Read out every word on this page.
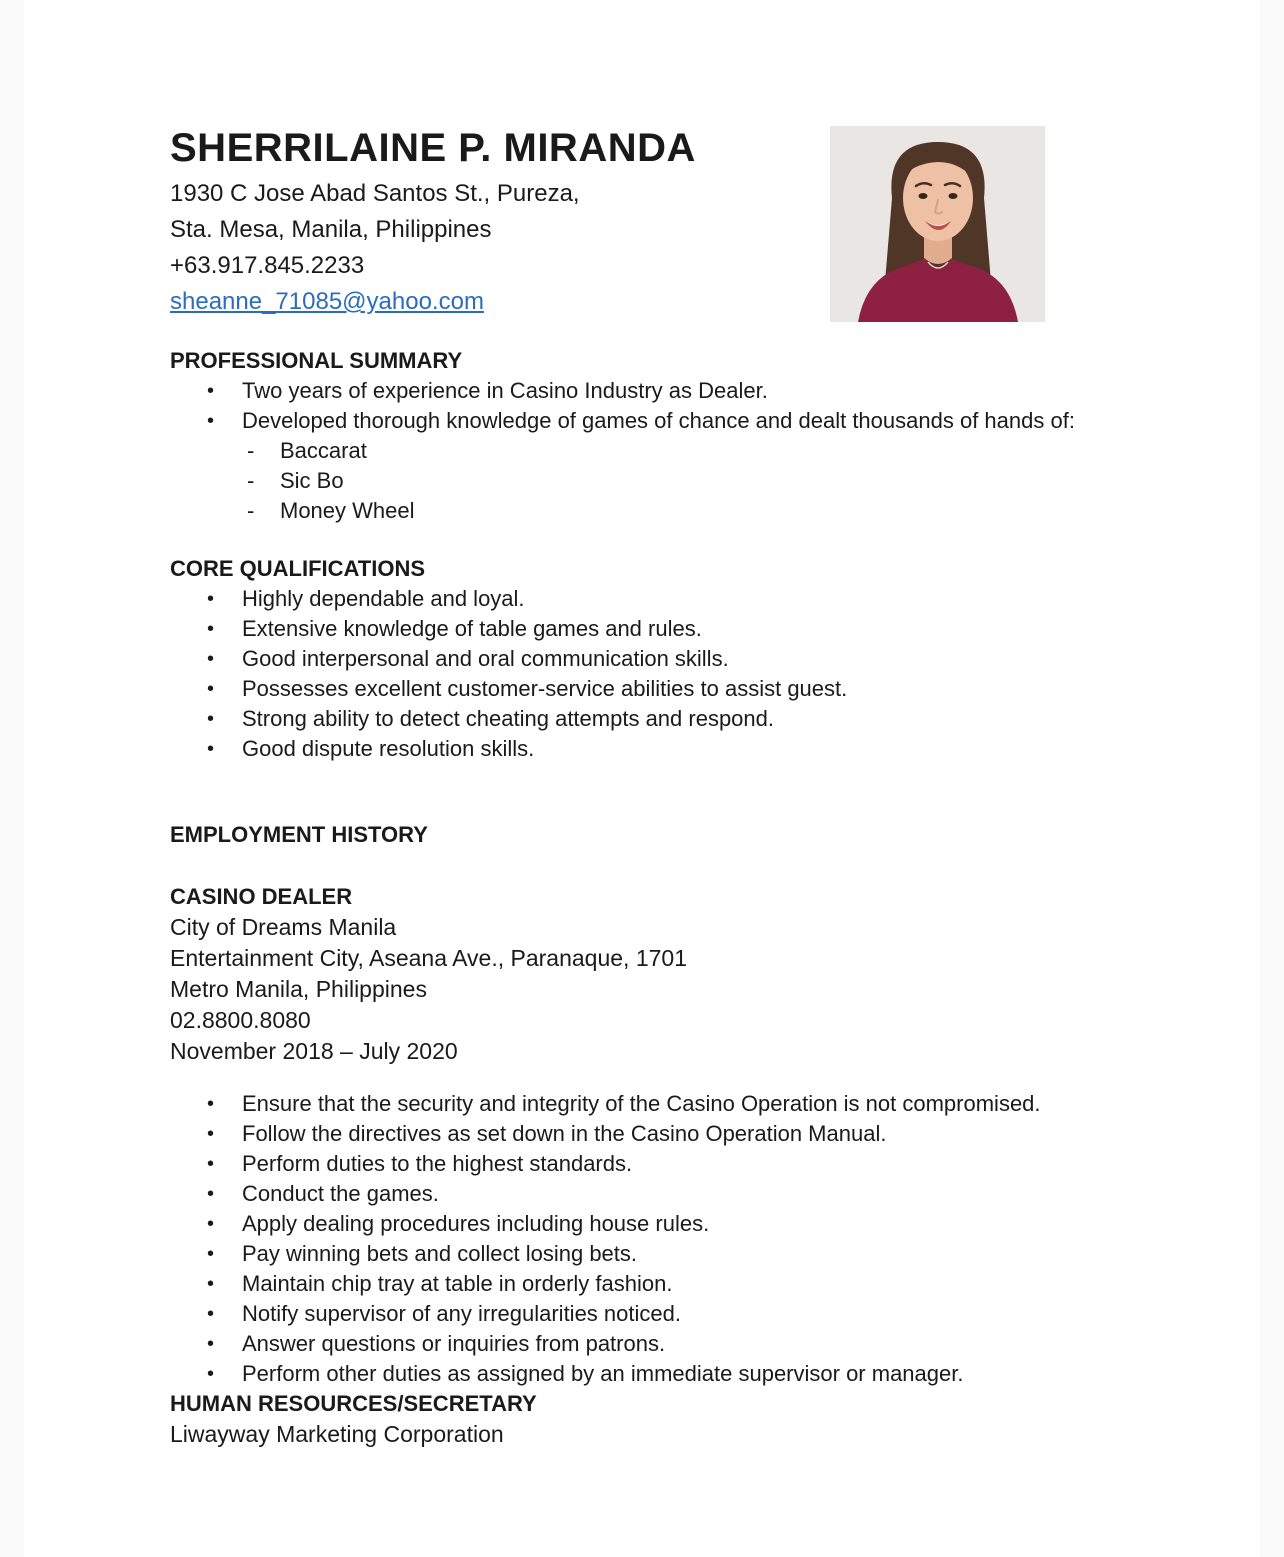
SHERRILAINE P. MIRANDA
1930 C Jose Abad Santos St., Pureza,
Sta. Mesa, Manila, Philippines
+63.917.845.2233
sheanne_71085@yahoo.com
PROFESSIONAL SUMMARY
•	Two years of experience in Casino Industry as Dealer.
•	Developed thorough knowledge of games of chance and dealt thousands of hands of:
-	Baccarat
-	Sic Bo
-	Money Wheel
CORE QUALIFICATIONS
•	Highly dependable and loyal.
•	Extensive knowledge of table games and rules.
•	Good interpersonal and oral communication skills.
•	Possesses excellent customer-service abilities to assist guest.
•	Strong ability to detect cheating attempts and respond.
•	Good dispute resolution skills.
EMPLOYMENT HISTORY
CASINO DEALER
City of Dreams Manila
Entertainment City, Aseana Ave., Paranaque, 1701
Metro Manila, Philippines
02.8800.8080
November 2018 – July 2020
•	Ensure that the security and integrity of the Casino Operation is not compromised.
•	Follow the directives as set down in the Casino Operation Manual.
•	Perform duties to the highest standards.
•	Conduct the games.
•	Apply dealing procedures including house rules.
•	Pay winning bets and collect losing bets.
•	Maintain chip tray at table in orderly fashion.
•	Notify supervisor of any irregularities noticed.
•	Answer questions or inquiries from patrons.
•	Perform other duties as assigned by an immediate supervisor or manager.
HUMAN RESOURCES/SECRETARY
Liwayway Marketing Corporation
